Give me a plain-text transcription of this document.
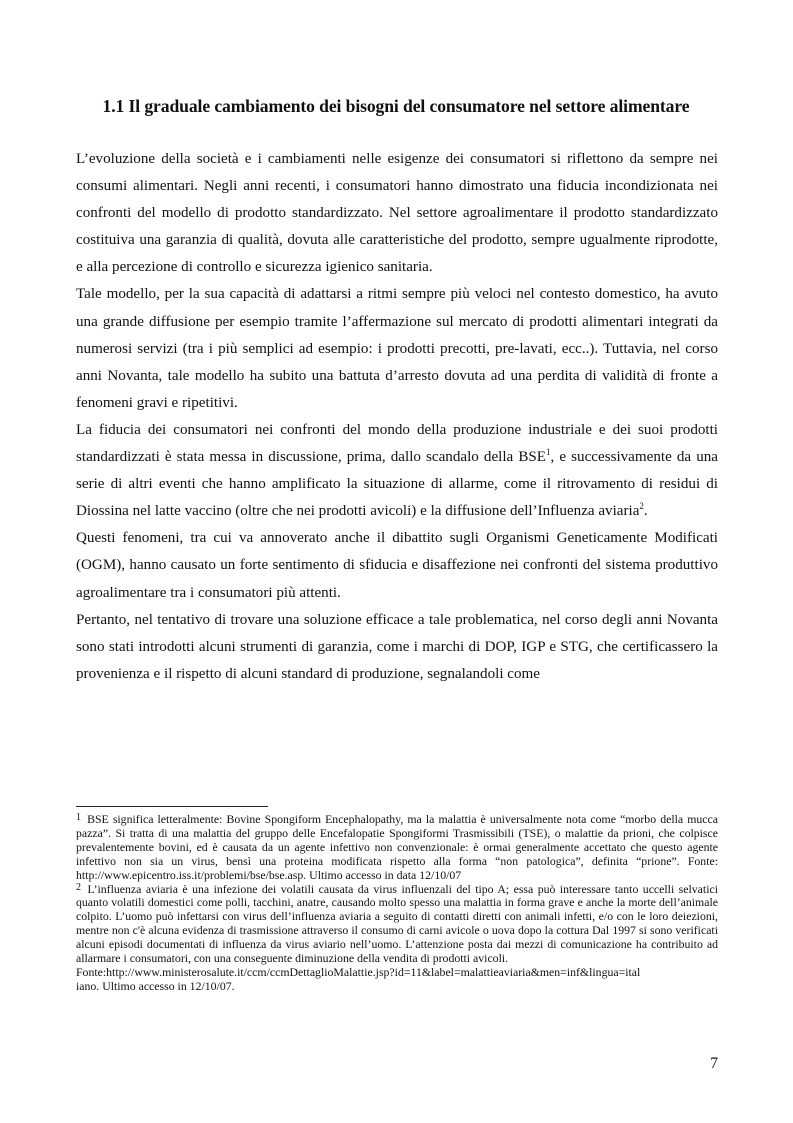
1.1 Il graduale cambiamento dei bisogni del consumatore nel settore alimentare

L’evoluzione della società e i cambiamenti nelle esigenze dei consumatori si riflettono da sempre nei consumi alimentari. Negli anni recenti, i consumatori hanno dimostrato una fiducia incondizionata nei confronti del modello di prodotto standardizzato. Nel settore agroalimentare il prodotto standardizzato costituiva una garanzia di qualità, dovuta alle caratteristiche del prodotto, sempre ugualmente riprodotte, e alla percezione di controllo e sicurezza igienico sanitaria.

Tale modello, per la sua capacità di adattarsi a ritmi sempre più veloci nel contesto domestico, ha avuto una grande diffusione per esempio tramite l’affermazione sul mercato di prodotti alimentari integrati da numerosi servizi (tra i più semplici ad esempio: i prodotti precotti, pre-lavati, ecc..). Tuttavia, nel corso anni Novanta, tale modello ha subito una battuta d’arresto dovuta ad una perdita di validità di fronte a fenomeni gravi e ripetitivi.

La fiducia dei consumatori nei confronti del mondo della produzione industriale e dei suoi prodotti standardizzati è stata messa in discussione, prima, dallo scandalo della BSE$^1$, e successivamente da una serie di altri eventi che hanno amplificato la situazione di allarme, come il ritrovamento di residui di Diossina nel latte vaccino (oltre che nei prodotti avicoli) e la diffusione dell’Influenza aviaria$^2$.

Questi fenomeni, tra cui va annoverato anche il dibattito sugli Organismi Geneticamente Modificati (OGM), hanno causato un forte sentimento di sfiducia e disaffezione nei confronti del sistema produttivo agroalimentare tra i consumatori più attenti.

Pertanto, nel tentativo di trovare una soluzione efficace a tale problematica, nel corso degli anni Novanta sono stati introdotti alcuni strumenti di garanzia, come i marchi di DOP, IGP e STG, che certificassero la provenienza e il rispetto di alcuni standard di produzione, segnalandoli come

$^1$ BSE significa letteralmente: Bovine Spongiform Encephalopathy, ma la malattia è universalmente nota come “morbo della mucca pazza”. Si tratta di una malattia del gruppo delle Encefalopatie Spongiformi Trasmissibili (TSE), o malattie da prioni, che colpisce prevalentemente bovini, ed è causata da un agente infettivo non convenzionale: è ormai generalmente accettato che questo agente infettivo non sia un virus, bensì una proteina modificata rispetto alla forma “non patologica”, definita “prione”. Fonte: http://www.epicentro.iss.it/problemi/bse/bse.asp. Ultimo accesso in data 12/10/07

$^2$ L’influenza aviaria è una infezione dei volatili causata da virus influenzali del tipo A; essa può interessare tanto uccelli selvatici quanto volatili domestici come polli, tacchini, anatre, causando molto spesso una malattia in forma grave e anche la morte dell’animale colpito. L’uomo può infettarsi con virus dell’influenza aviaria a seguito di contatti diretti con animali infetti, e/o con le loro deiezioni, mentre non c'è alcuna evidenza di trasmissione attraverso il consumo di carni avicole o uova dopo la cottura Dal 1997 si sono verificati alcuni episodi documentati di influenza da virus aviario nell’uomo. L’attenzione posta dai mezzi di comunicazione ha contribuito ad allarmare i consumatori, con una conseguente diminuzione della vendita di prodotti avicoli.

Fonte:http://www.ministerosalute.it/ccm/ccmDettaglioMalattie.jsp?id=11&label=malattieaviaria&men=inf&lingua=ital

iano. Ultimo accesso in 12/10/07.

7
